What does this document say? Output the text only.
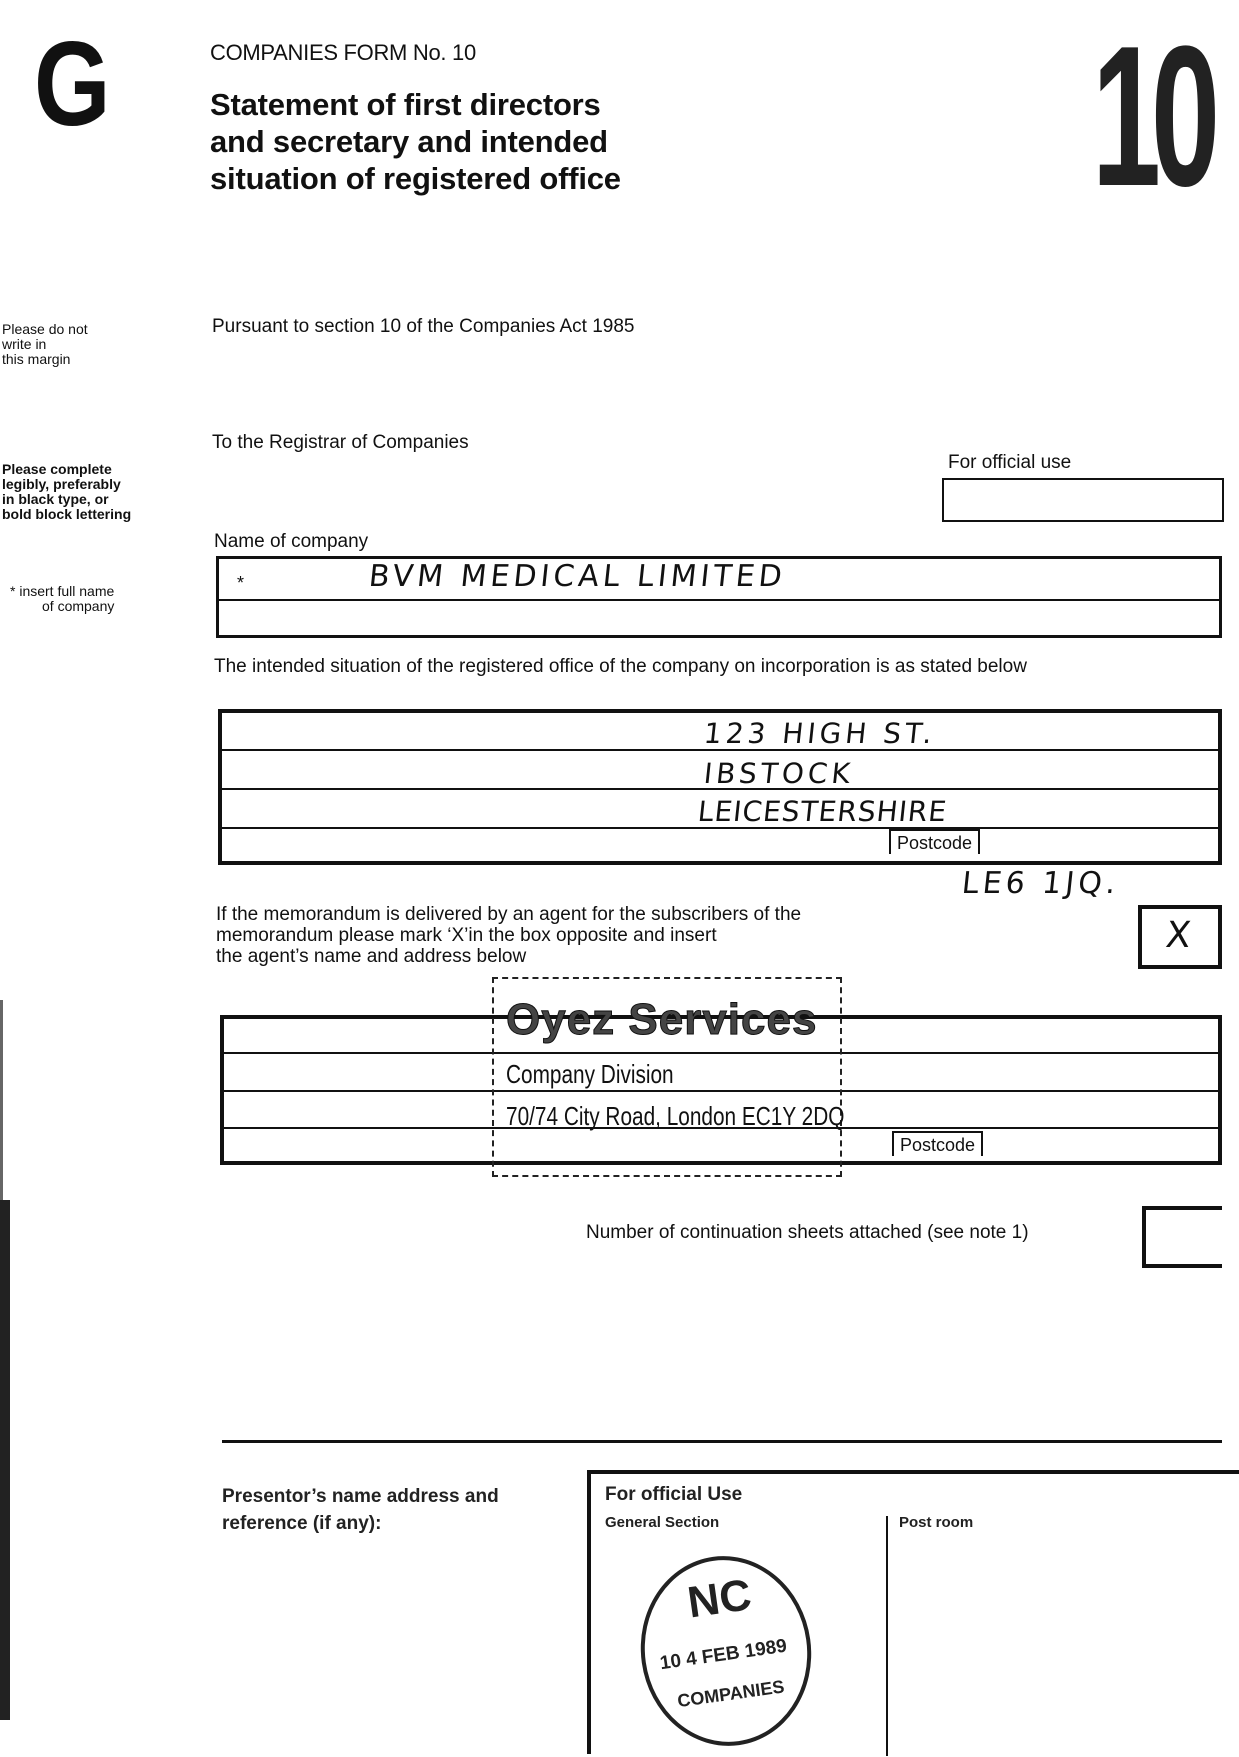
G	COMPANIES FORM No. 10
Statement of first directors
and secretary and intended
situation of registered office 10
Please do not
write in
this margin
Please complete
legibly, preferably
in black type, or
bold block lettering
* insert full name
of company
Pursuant to section 10 of the Companies Act 1985
To the Registrar of Companies
For official use
Name of company
*	BVM MEDICAL LIMITED
The intended situation of the registered office of the company on incorporation is as stated below
123 HIGH ST.
IBSTOCK
LEICESTERSHIRE
Postcode
LE6 1JQ.
If the memorandum is delivered by an agent for the subscribers of the
memorandum please mark ‘X’in the box opposite and insert
the agent’s name and address below
X
Postcode
Oyez Services
Company Division
70/74 City Road, London EC1Y 2DQ
Number of continuation sheets attached (see note 1)
Presentor’s name address and
reference (if any):
For official Use
General Section	Post room
NC
10 4 FEB 1989
COMPANIES
